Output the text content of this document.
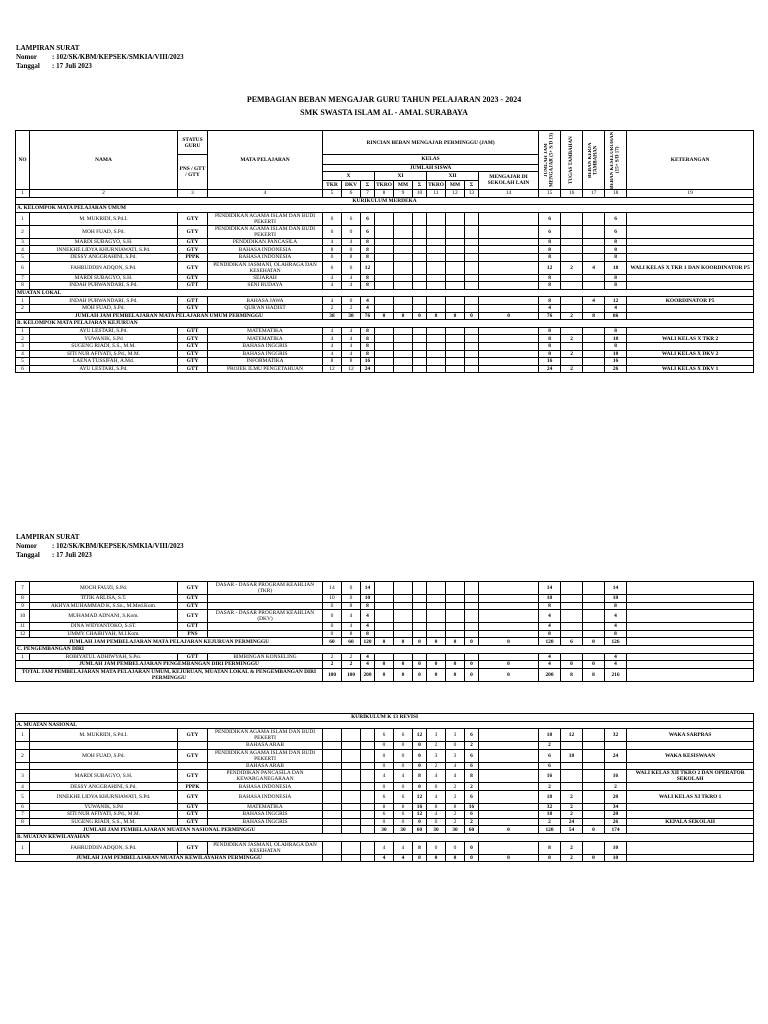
LAMPIRAN SURAT
Nomor	: 102/SK/KBM/KEPSEK/SMKIA/VIII/2023
Tanggal	: 17 Juli 2023
PEMBAGIAN BEBAN MENGAJAR GURU TAHUN PELAJARAN 2023 - 2024
SMK SWASTA ISLAM AL - AMAL SURABAYA
NO	NAMA	STATUS GURU	MATA PELAJARAN	RINCIAN BEBAN MENGAJAR PERMINGGU (JAM)										JUMLAH JAM MENGAJAR (5+ S/D 13)	TUGAS TAMBAHAN	BEBAN KERJA TAMBAHAN	BEBAN KESELURUHAN (15+ S/D 17)	KETERANGAN
		PNS / GTT / GTY		KELAS														
				JUMLAH SISWA														
				X			XI			XII			MENGAJAR DI SEKOLAH LAIN					
				TKR	DKV	Σ	TKRO	MM	Σ	TKRO	MM	Σ						
1	2	3	4	5	6	7	8	9	10	11	12	13	14	15	16	17	18	19
KURIKULUM MERDEKA																		
A. KELOMPOK MATA PELAJARAN UMUM																		
1	M. MUKRIDI, S.Pd.I.	GTY	PENDIDIKAN AGAMA ISLAM DAN BUDI PEKERTI	0	6	6								6			6	
2	MOH FUAD, S.Pd.	GTY	PENDIDIKAN AGAMA ISLAM DAN BUDI PEKERTI	6	0	6								6			6	
3	MARDI SUBAGYO, S.H.	GTY	PENDIDIKAN PANCASILA	4	4	8								8			8	
4	INNEKHE LIDYA KHURNIAWATI, S.Pd.	GTY	BAHASA INDONESIA	8	0	8								8			8	
5	DESSY ANGGRAHINI, S.Pd.	PPPK	BAHASA INDONESIA	0	8	8								8			8	
6	FAHRUDDIN ADQON, S.Pd.	GTY	PENDIDIKAN JASMANI, OLAHRAGA DAN KESEHATAN	6	6	12								12	2	4	18	WALI KELAS X TKR 1 DAN KOORDINATOR P5
7	MARDI SUBAGYO, S.H.	GTY	SEJARAH	4	4	8								8			8	
8	INDAH PURWANDARI, S.Pd.	GTT	SENI BUDAYA	4	4	8								8			8	
MUATAN LOKAL																		
1	INDAH PURWANDARI, S.Pd.	GTT	BAHASA JAWA	4	0	4								8		4	12	KOORDINATOR P5
2	MOH FUAD, S.Pd.	GTY	QUR'AN HADIST	2	2	4								4			4	
JUMLAH JAM PEMBELAJARAN MATA PELAJARAN UMUM PERMINGGU				38	38	76	0	0	0	0	0	0	0	76	2	8	86	
B. KELOMPOK MATA PELAJARAN KEJURUAN																		
1	AYU LESTARI, S.Pd.	GTT	MATEMATIKA	4	4	8								8			8	
2	YUWANIK, S.Pd	GTY	MATEMATIKA	4	4	8								8	2		10	WALI KELAS X TKR 2
3	SUGENG RIADI, S.S., M.M.	GTY	BAHASA INGGRIS	4	4	8								8			8	
4	SITI NUR AFIYATI, S.Pd., M.M.	GTY	BAHASA INGGRIS	4	4	8								8	2		10	WALI KELAS X DKV 2
5	LAENA TUSSIFAH, A.Md.	GTY	INFORMATIKA	8	8	16								16			16	
6	AYU LESTARI, S.Pd.	GTT	PROJEK ILMU PENGETAHUAN	12	12	24								24	2		26	WALI KELAS X DKV 1
LAMPIRAN SURAT
Nomor	: 102/SK/KBM/KEPSEK/SMKIA/VIII/2023
Tanggal	: 17 Juli 2023
7	MOCH FAUZI, S.Pd.	GTY	DASAR - DASAR PROGRAM KEAHLIAN (TKR)	14	0	14								14			14	
8	TITIK ARLISA, S.T.	GTY		10	0	10								10			10	
9	AKHYA MUHAMMAD K, S.Sn., M.Med.Kom.	GTY		0	8	8								8			8	
10	MUHAMAD ADNANI, S.Kom.	GTY	DASAR - DASAR PROGRAM KEAHLIAN (DKV)	0	4	4								4			4	
11	DINA WIDYANTOKO, S.ST.	GTT		0	4	4								4			4	
12	UMMY CHAIRIYAH, M.I.Kom.	PNS		0	8	8								8			8	
JUMLAH JAM PEMBELAJARAN MATA PELAJARAN KEJURUAN PERMINGGU				60	60	120	0	0	0	0	0	0	0	120	6	0	126	
C. PENGEMBANGAN DIRI																		
1	ROBIYATUL ADHIWYAH, S.Psi.	GTT	BIMBINGAN KONSELING	2	2	4								4			4	
JUMLAH JAM PEMBELAJARAN PENGEMBANGAN DIRI PERMINGGU				2	2	4	0	0	0	0	0	0	0	4	0	0	4	
TOTAL JAM PEMBELAJARAN MATA PELAJARAN UMUM, KEJURUAN, MUATAN LOKAL & PENGEMBANGAN DIRI PERMINGGU				100	100	200	0	0	0	0	0	0	0	200	8	8	216	
KURIKULUM K 13 REVISI																		
A. MUATAN NASIONAL																		
1	M. MUKRIDI, S.Pd.I.	GTY	PENDIDIKAN AGAMA ISLAM DAN BUDI PEKERTI				6	6	12	3	3	6		18	12		32	WAKA SARPRAS
			BAHASA ARAB				0	0	0	2	0	2		2				
2	MOH FUAD, S.Pd.	GTY	PENDIDIKAN AGAMA ISLAM DAN BUDI PEKERTI				0	0	0	3	3	6		6	18		24	WAKA KESISWAAN
			BAHASA ARAB				0	0	0	2	4	6		6				
3	MARDI SUBAGYO, S.H.	GTY	PENDIDIKAN PANCASILA DAN KEWARGANEGARAAN				4	4	8	4	4	8		16			16	WALI KELAS XII TKRO 2 DAN OPERATOR SEKOLAH
4	DESSY ANGGRAHINI, S.Pd.	PPPK	BAHASA INDONESIA				0	0	0	0	2	2		2			2	
5	INNEKHE LIDYA KHURNIAWATI, S.Pd.	GTY	BAHASA INDONESIA				6	6	12	4	2	6		18	2		20	WALI KELAS XI TKRO 1
6	YUWANIK, S.Pd	GTY	MATEMATIKA				8	8	16	8	8	16		32	2		34	
7	SITI NUR AFIYATI, S.Pd., M.M.	GTY	BAHASA INGGRIS				6	6	12	4	2	6		18	2		20	
8	SUGENG RIADI, S.S., M.M.	GTY	BAHASA INGGRIS				0	0	0	0	2	2		2	24		26	KEPALA SEKOLAH
JUMLAH JAM PEMBELAJARAN MUATAN NASIONAL PERMINGGU							30	30	60	30	30	60	0	120	54	0	174	
B. MUATAN KEWILAYAHAN																		
1	FAHRUDDIN ADQON, S.Pd.	GTY	PENDIDIKAN JASMANI, OLAHRAGA DAN KESEHATAN				4	4	8	0	0	0		8	2		10	
JUMLAH JAM PEMBELAJARAN MUATAN KEWILAYAHAN PERMINGGU							4	4	8	0	0	0	0	8	2	0	10	
